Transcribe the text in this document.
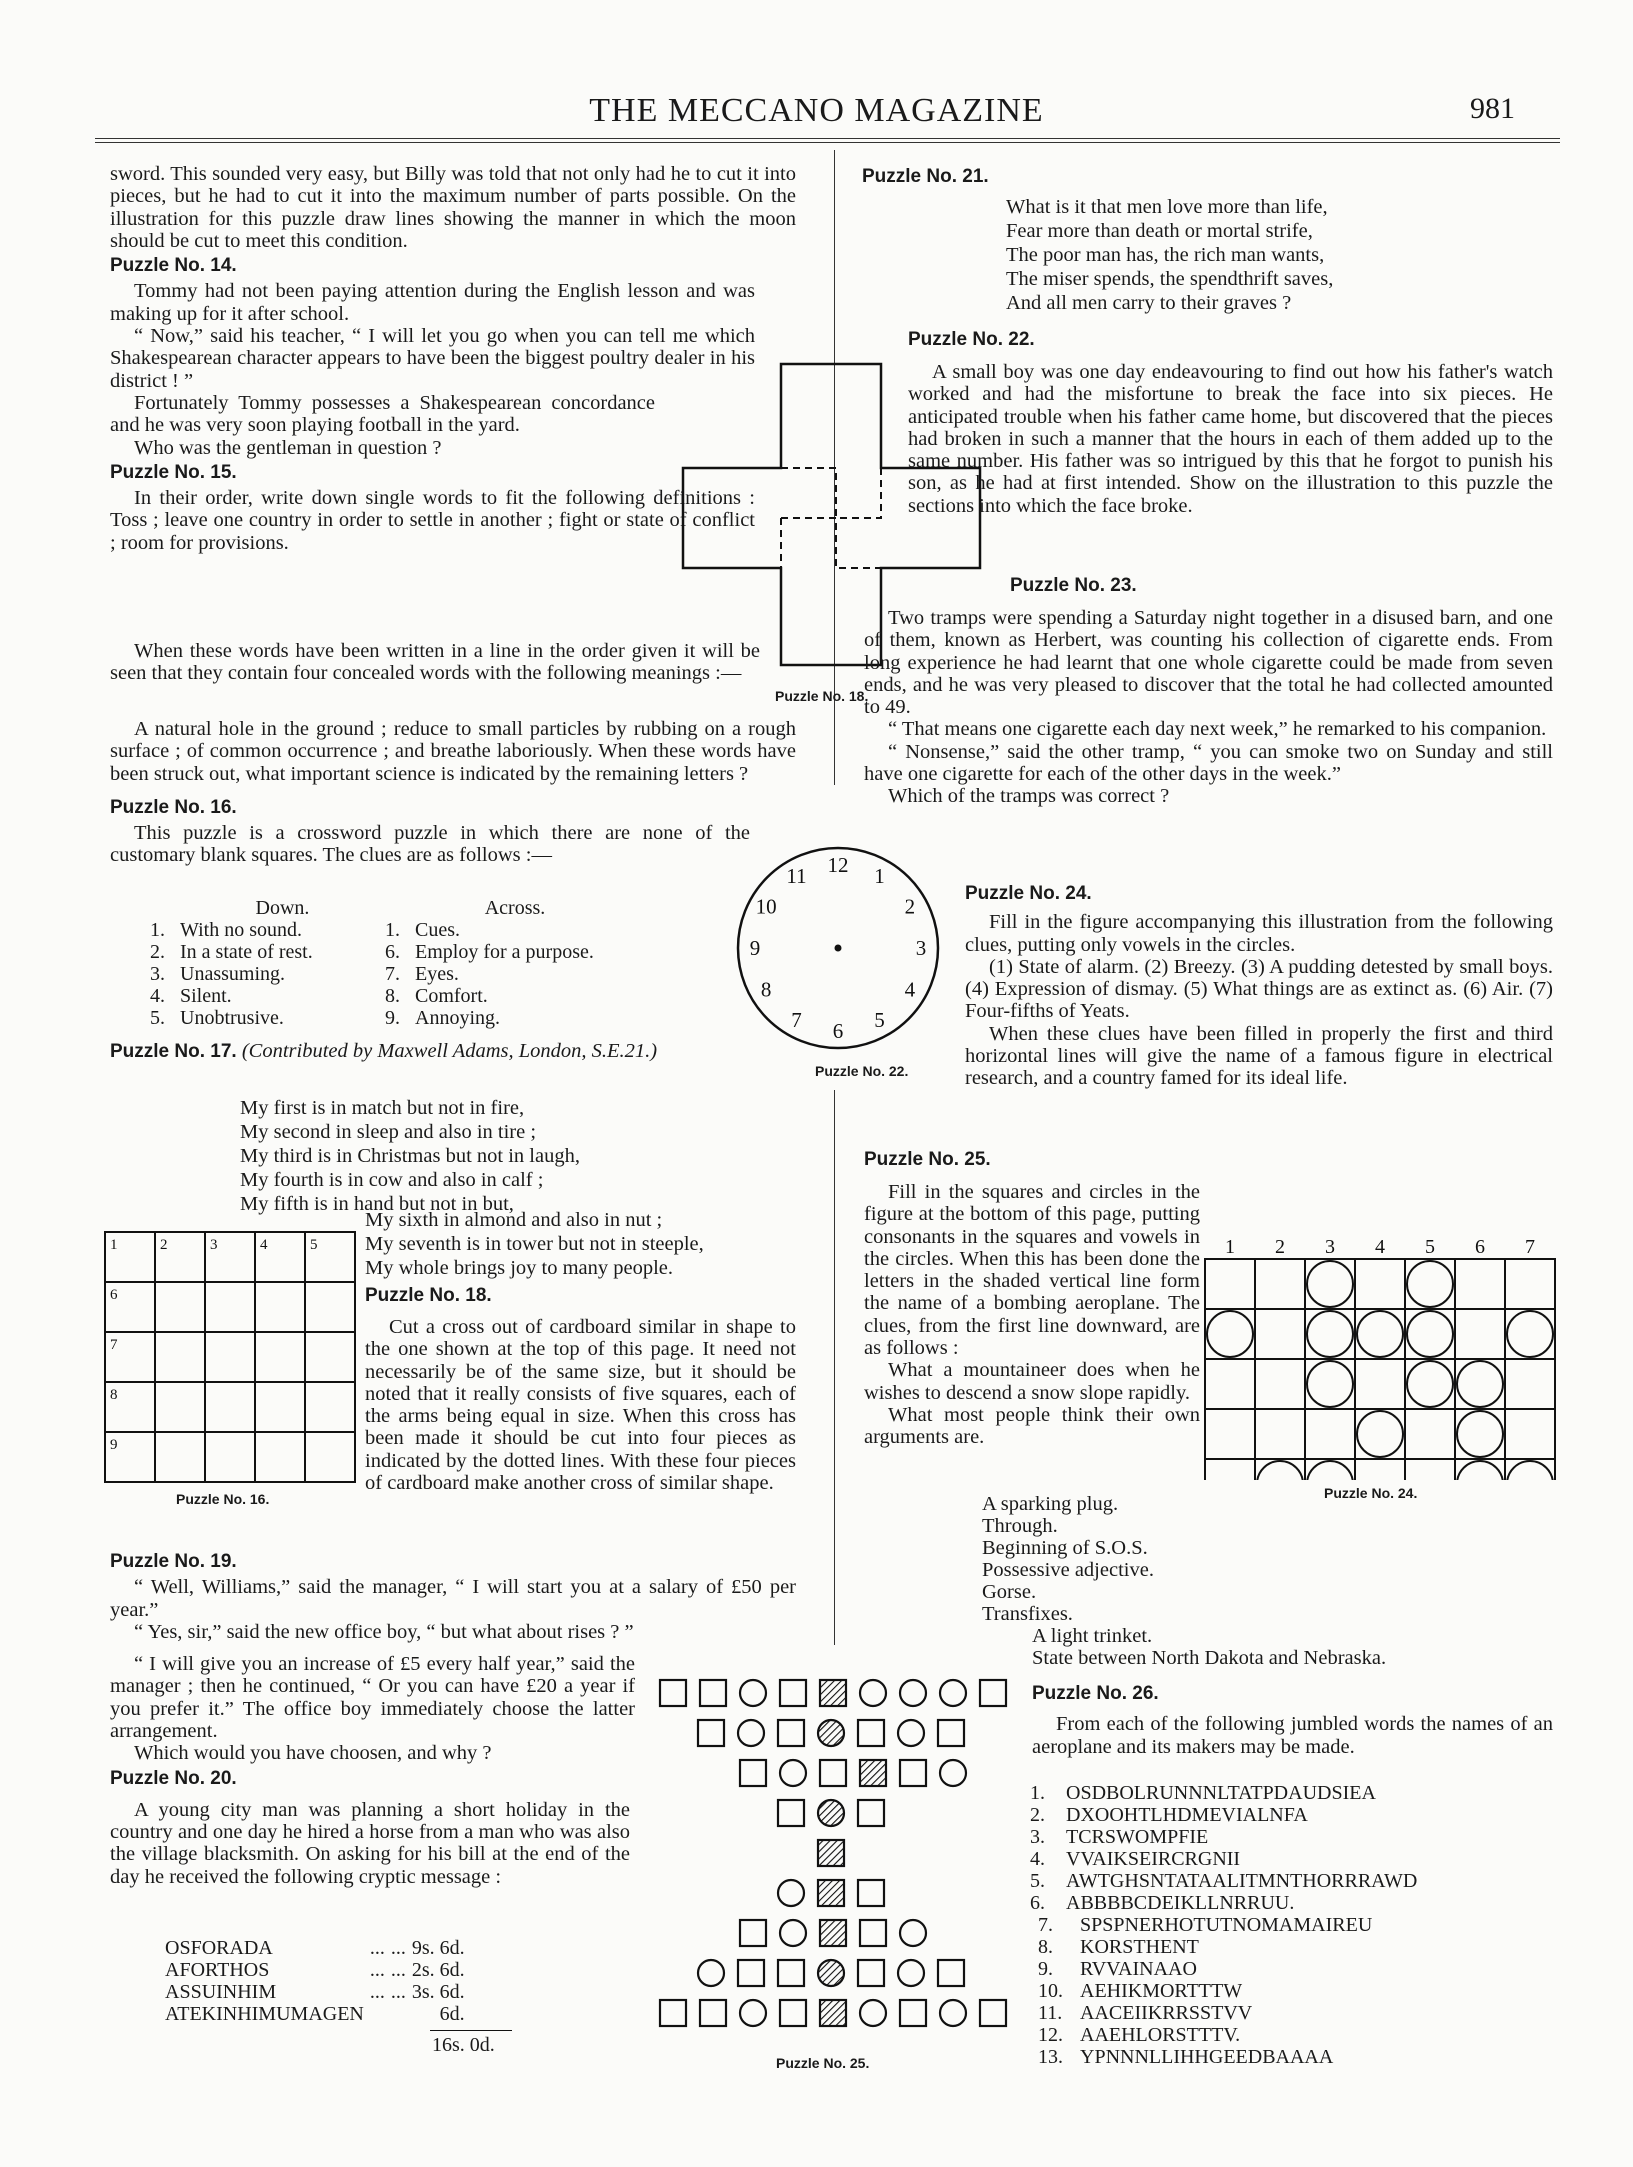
THE MECCANO MAGAZINE	981

sword. This sounded very easy, but Billy was told that not only had he to cut it into pieces, but he had to cut it into the maximum number of parts possible. On the illustration for this puzzle draw lines showing the manner in which the moon should be cut to meet this condition.

Puzzle No. 14.

Tommy had not been paying attention during the English lesson and was making up for it after school.

“ Now,” said his teacher, “ I will let you go when you can tell me which Shakespearean character appears to have been the biggest poultry dealer in his district ! ”

Fortunately Tommy possesses a Shakespearean concordance and he was very soon playing football in the yard.

Who was the gentleman in question ?

Puzzle No. 15.

In their order, write down single words to fit the following definitions : Toss ; leave one country in order to settle in another ; fight or state of conflict ; room for provisions.

When these words have been written in a line in the order given it will be seen that they contain four concealed words with the following meanings :—

A natural hole in the ground ; reduce to small particles by rubbing on a rough surface ; of common occurrence ; and breathe laboriously. When these words have been struck out, what important science is indicated by the remaining letters ?

Puzzle No. 16.

This puzzle is a crossword puzzle in which there are none of the customary blank squares. The clues are as follows :—

Down.	Across.
1. With no sound.	1. Cues.
2. In a state of rest.	6. Employ for a purpose.
3. Unassuming.	7. Eyes.
4. Silent.	8. Comfort.
5. Unobtrusive.	9. Annoying.
Puzzle No. 17. (Contributed by Maxwell Adams, London, S.E.21.)
My first is in match but not in fire,
My second in sleep and also in tire ;
My third is in Christmas but not in laugh,
My fourth is in cow and also in calf ;
My fifth is in hand but not in but,
My sixth in almond and also in nut ;
My seventh is in tower but not in steeple,
My whole brings joy to many people.
1	2	3	4	5
6
7
8
9
Puzzle No. 16.
Puzzle No. 18.

Cut a cross out of cardboard similar in shape to the one shown at the top of this page. It need not necessarily be of the same size, but it should be noted that it really consists of five squares, each of the arms being equal in size. When this cross has been made it should be cut into four pieces as indicated by the dotted lines. With these four pieces of cardboard make another cross of similar shape.

Puzzle No. 19.

“ Well, Williams,” said the manager, “ I will start you at a salary of £50 per year.”

“ Yes, sir,” said the new office boy, “ but what about rises ? ”

“ I will give you an increase of £5 every half year,” said the manager ; then he continued, “ Or you can have £20 a year if you prefer it.” The office boy immediately choose the latter arrangement.

Which would you have choosen, and why ?

Puzzle No. 20.

A young city man was planning a short holiday in the country and one day he hired a horse from a man who was also the village blacksmith. On asking for his bill at the end of the day he received the following cryptic message :

OSFORADA	...	...	9s. 6d.
AFORTHOS	...	...	2s. 6d.
ASSUINHIM	...	...	3s. 6d.
ATEKINHIMUMAGEN			6d.
16s. 0d.
Puzzle No. 18.
Puzzle No. 21.
What is it that men love more than life,
Fear more than death or mortal strife,
The poor man has, the rich man wants,
The miser spends, the spendthrift saves,
And all men carry to their graves ?
Puzzle No. 22.

A small boy was one day endeavouring to find out how his father's watch worked and had the misfortune to break the face into six pieces. He anticipated trouble when his father came home, but discovered that the pieces had broken in such a manner that the hours in each of them added up to the same number. His father was so intrigued by this that he forgot to punish his son, as he had at first intended. Show on the illustration to this puzzle the sections into which the face broke.

Puzzle No. 23.

Two tramps were spending a Saturday night together in a disused barn, and one of them, known as Herbert, was counting his collection of cigarette ends. From long experience he had learnt that one whole cigarette could be made from seven ends, and he was very pleased to discover that the total he had collected amounted to 49.

“ That means one cigarette each day next week,” he remarked to his companion.

“ Nonsense,” said the other tramp, “ you can smoke two on Sunday and still have one cigarette for each of the other days in the week.”

Which of the tramps was correct ?

Puzzle No. 24.

Fill in the figure accompanying this illustration from the following clues, putting only vowels in the circles.

(1) State of alarm. (2) Breezy. (3) A pudding detested by small boys. (4) Expression of dismay. (5) What things are as extinct as. (6) Air. (7) Four-fifths of Yeats.

When these clues have been filled in properly the first and third horizontal lines will give the name of a famous figure in electrical research, and a country famed for its ideal life.

Puzzle No. 25.

Fill in the squares and circles in the figure at the bottom of this page, putting consonants in the squares and vowels in the circles. When this has been done the letters in the shaded vertical line form the name of a bombing aeroplane. The clues, from the first line downward, are as follows :

What a mountaineer does when he wishes to descend a snow slope rapidly.

What most people think their own arguments are.

A sparking plug.
Through.
Beginning of S.O.S.
Possessive adjective.
Gorse.
Transfixes.
A light trinket.
State between North Dakota and Nebraska.
Puzzle No. 26.

From each of the following jumbled words the names of an aeroplane and its makers may be made.

1.	OSDBOLRUNNNLTATPDAUDSIEA
2.	DXOOHTLHDMEVIALNFA
3.	TCRSWOMPFIE
4.	VVAIKSEIRCRGNII
5.	AWTGHSNTATAALITMNTHORRRAWD
6.	ABBBBCDEIKLLNRRUU.
7.	SPSPNERHOTUTNOMAMAIREU
8.	KORSTHENT
9.	RVVAINAAO
10. AEHIKMORTTTW
11. AACEIIKRRSSTVV
12. AAEHLORSTTTV.
13. YPNNNLLIHHGEEDBAAAA
12 1
2
3
4
5
6
7
8
9
10
11
Puzzle No. 22.
1 2 3 4 5 6 7
Puzzle No. 24.
Puzzle No. 25.
